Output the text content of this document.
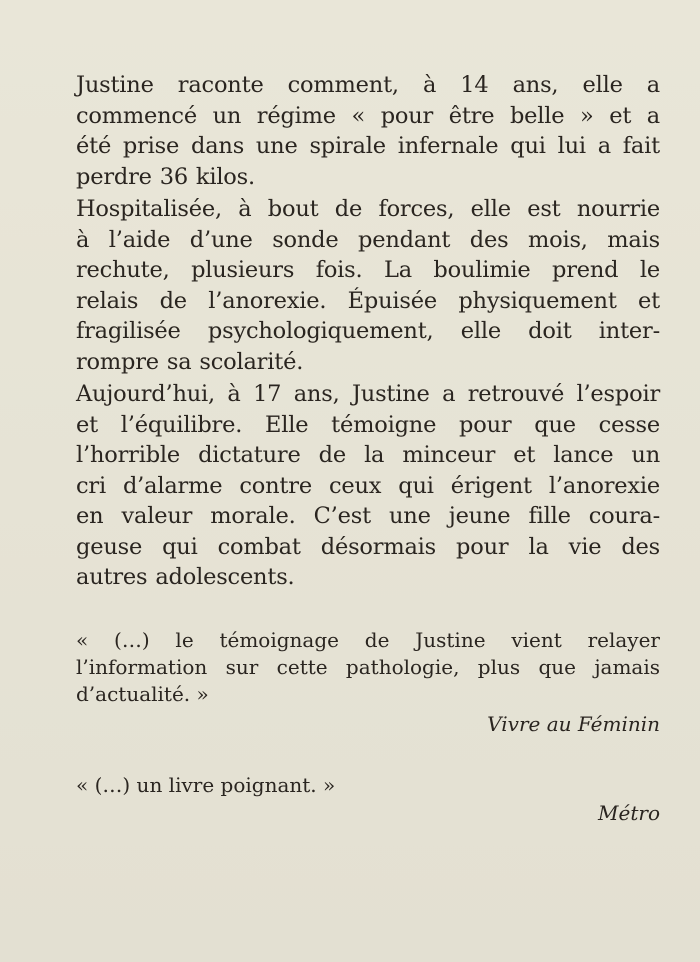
Justine raconte comment, à 14 ans, elle a
commencé un régime « pour être belle » et a
été prise dans une spirale infernale qui lui a fait
perdre 36 kilos.

Hospitalisée, à bout de forces, elle est nourrie
à l’aide d’une sonde pendant des mois, mais
rechute, plusieurs fois. La boulimie prend le
relais de l’anorexie. Épuisée physiquement et
fragilisée psychologiquement, elle doit inter-
rompre sa scolarité.

Aujourd’hui, à 17 ans, Justine a retrouvé l’espoir
et l’équilibre. Elle témoigne pour que cesse
l’horrible dictature de la minceur et lance un
cri d’alarme contre ceux qui érigent l’anorexie
en valeur morale. C’est une jeune fille coura-
geuse qui combat désormais pour la vie des
autres adolescents.

« (…) le témoignage de Justine vient relayer
l’information sur cette pathologie, plus que jamais
d’actualité. »

Vivre au Féminin

« (…) un livre poignant. »

Métro
